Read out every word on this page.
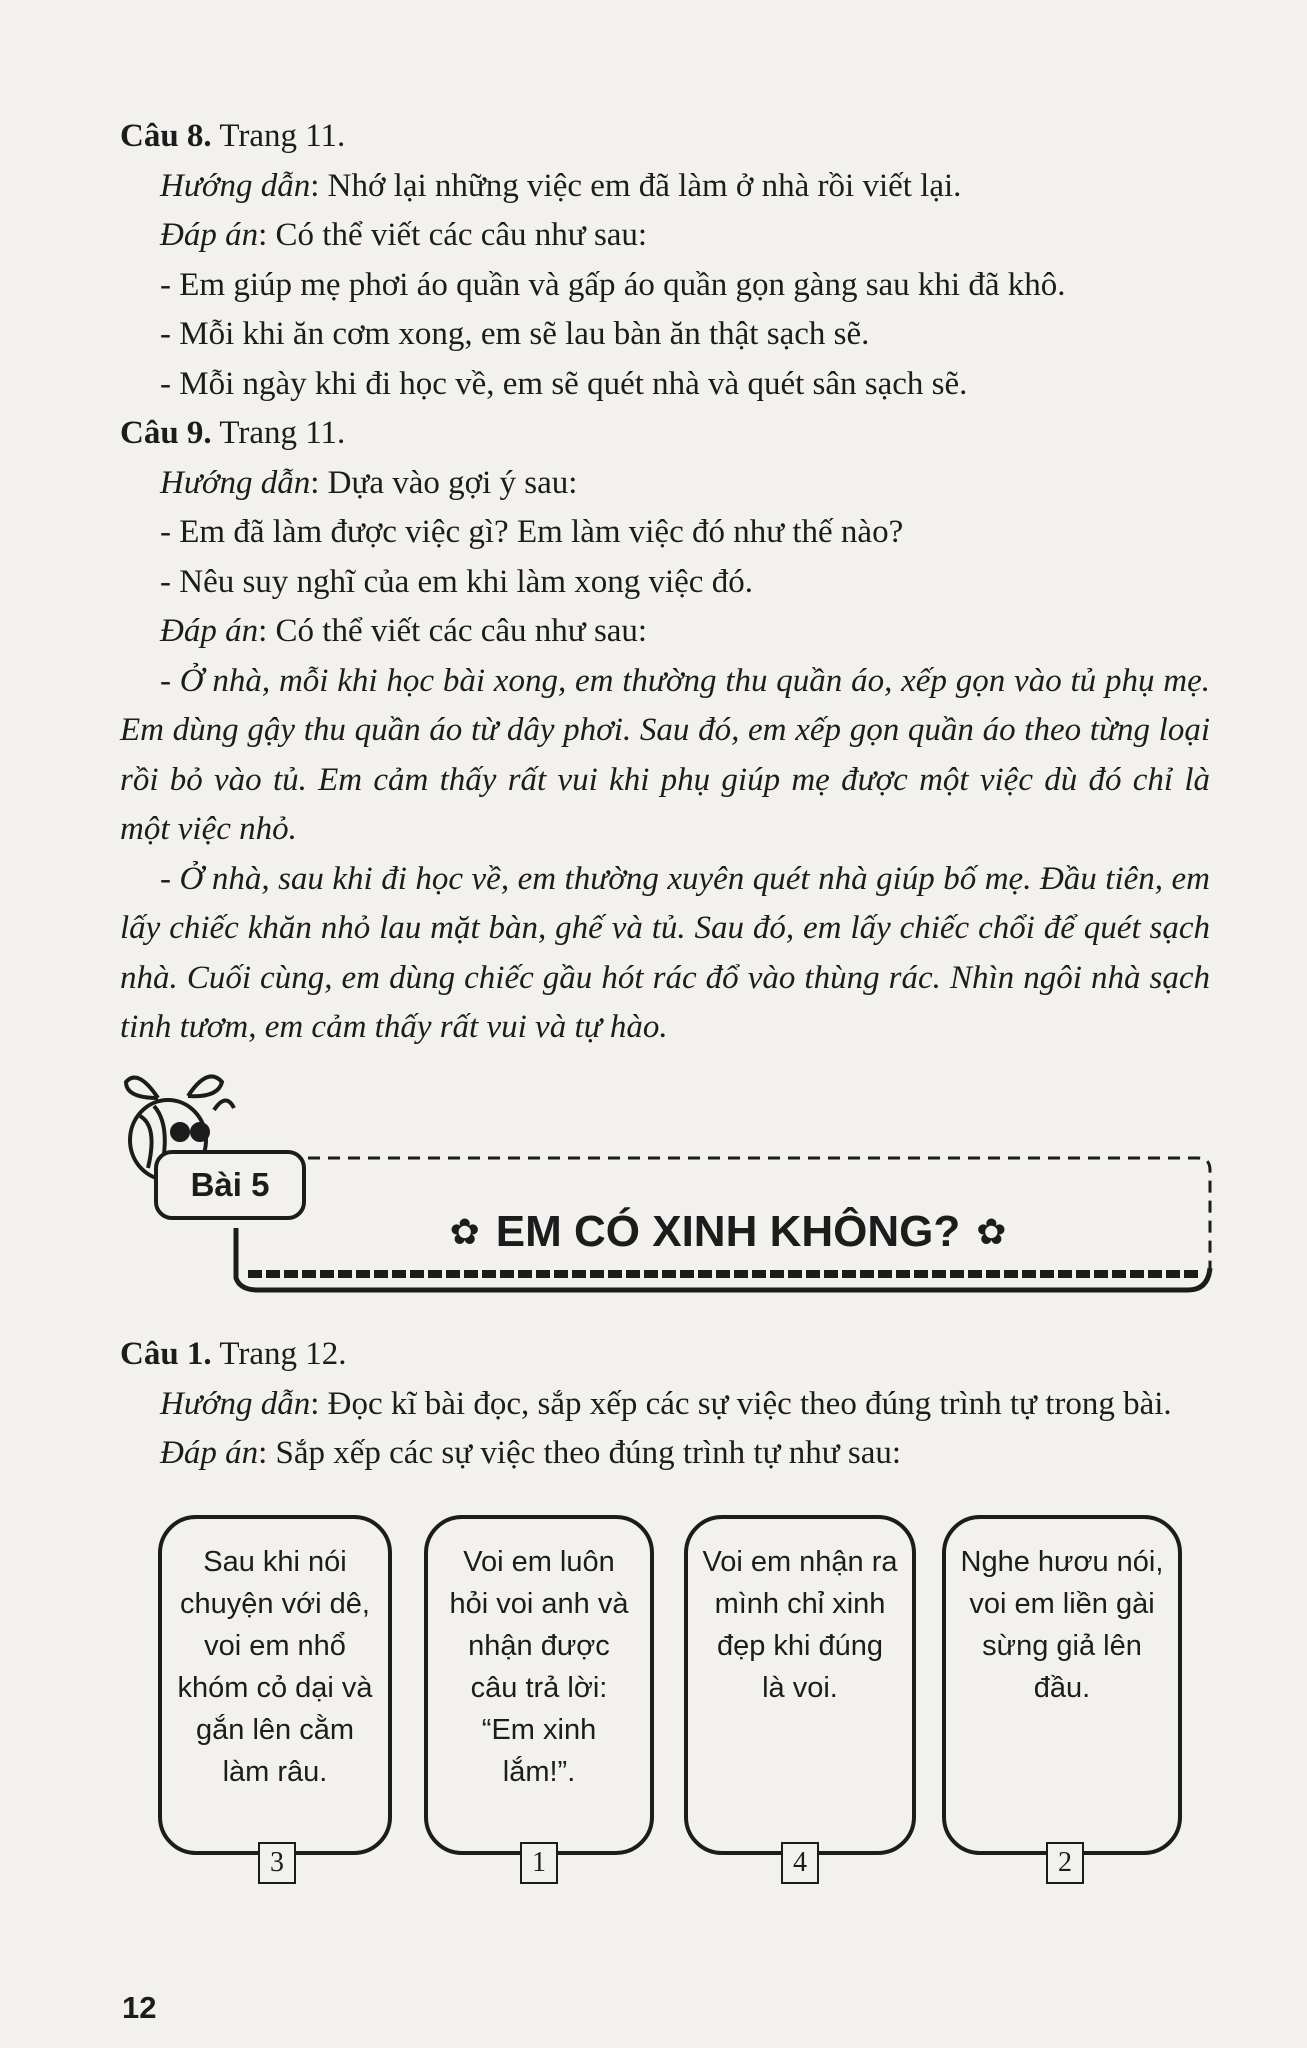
Câu 8. Trang 11.

Hướng dẫn: Nhớ lại những việc em đã làm ở nhà rồi viết lại.

Đáp án: Có thể viết các câu như sau:

- Em giúp mẹ phơi áo quần và gấp áo quần gọn gàng sau khi đã khô.

- Mỗi khi ăn cơm xong, em sẽ lau bàn ăn thật sạch sẽ.

- Mỗi ngày khi đi học về, em sẽ quét nhà và quét sân sạch sẽ.

Câu 9. Trang 11.

Hướng dẫn: Dựa vào gợi ý sau:

- Em đã làm được việc gì? Em làm việc đó như thế nào?

- Nêu suy nghĩ của em khi làm xong việc đó.

Đáp án: Có thể viết các câu như sau:

- Ở nhà, mỗi khi học bài xong, em thường thu quần áo, xếp gọn vào tủ phụ mẹ. Em dùng gậy thu quần áo từ dây phơi. Sau đó, em xếp gọn quần áo theo từng loại rồi bỏ vào tủ. Em cảm thấy rất vui khi phụ giúp mẹ được một việc dù đó chỉ là một việc nhỏ.

- Ở nhà, sau khi đi học về, em thường xuyên quét nhà giúp bố mẹ. Đầu tiên, em lấy chiếc khăn nhỏ lau mặt bàn, ghế và tủ. Sau đó, em lấy chiếc chổi để quét sạch nhà. Cuối cùng, em dùng chiếc gầu hót rác đổ vào thùng rác. Nhìn ngôi nhà sạch tinh tươm, em cảm thấy rất vui và tự hào.

Bài 5
✿ EM CÓ XINH KHÔNG? ✿

Câu 1. Trang 12.

Hướng dẫn: Đọc kĩ bài đọc, sắp xếp các sự việc theo đúng trình tự trong bài.

Đáp án: Sắp xếp các sự việc theo đúng trình tự như sau:

Sau khi nói chuyện với dê, voi em nhổ khóm cỏ dại và gắn lên cằm làm râu.
3
Voi em luôn hỏi voi anh và nhận được câu trả lời: “Em xinh lắm!”.
1
Voi em nhận ra mình chỉ xinh đẹp khi đúng là voi.
4
Nghe hươu nói, voi em liền gài sừng giả lên đầu.
2
12
